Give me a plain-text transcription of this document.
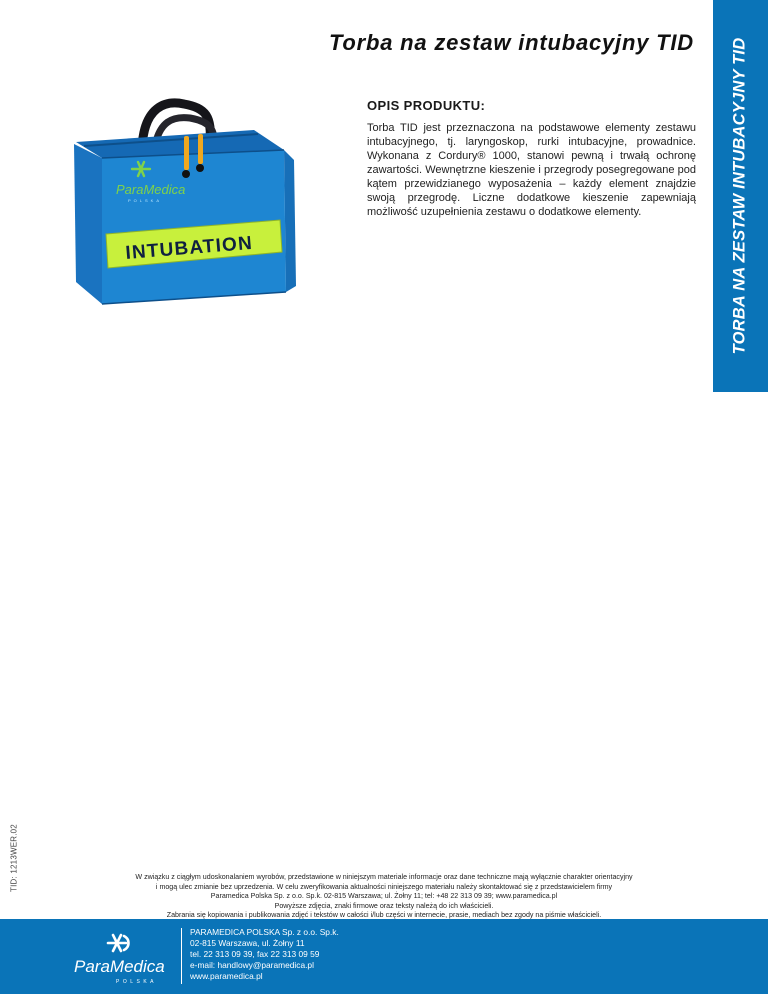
Torba na zestaw intubacyjny TID TORBA NA ZESTAW INTUBACYJNY TID
TID: 1213WER.02
ParaMedica
POLSKA
INTUBATION
OPIS PRODUKTU:

Torba TID jest przeznaczona na podstawowe elementy zestawu intubacyjnego, tj. laryngoskop, rurki intubacyjne, prowadnice. Wykonana z Cordury® 1000, stanowi pewną i trwałą ochronę zawartości. Wewnętrzne kieszenie i przegrody posegregowane pod kątem przewidzianego wyposażenia – każdy element znajdzie swoją przegrodę. Liczne dodatkowe kieszenie zapewniają możliwość uzupełnienia zestawu o dodatkowe elementy.

W związku z ciągłym udoskonalaniem wyrobów, przedstawione w niniejszym materiale informacje oraz dane techniczne mają wyłącznie charakter orientacyjny
i mogą ulec zmianie bez uprzedzenia. W celu zweryfikowania aktualności niniejszego materiału należy skontaktować się z przedstawicielem firmy
Paramedica Polska Sp. z o.o. Sp.k. 02-815 Warszawa; ul. Żołny 11; tel: +48 22 313 09 39; www.paramedica.pl
Powyższe zdjęcia, znaki firmowe oraz teksty należą do ich właścicieli.
Zabrania się kopiowania i publikowania zdjęć i tekstów w całości i/lub części w internecie, prasie, mediach bez zgody na piśmie właścicieli.
ParaMedica
POLSKA
PARAMEDICA POLSKA Sp. z o.o. Sp.k.
02-815 Warszawa, ul. Żołny 11
tel. 22 313 09 39, fax 22 313 09 59
e-mail: handlowy@paramedica.pl
www.paramedica.pl
